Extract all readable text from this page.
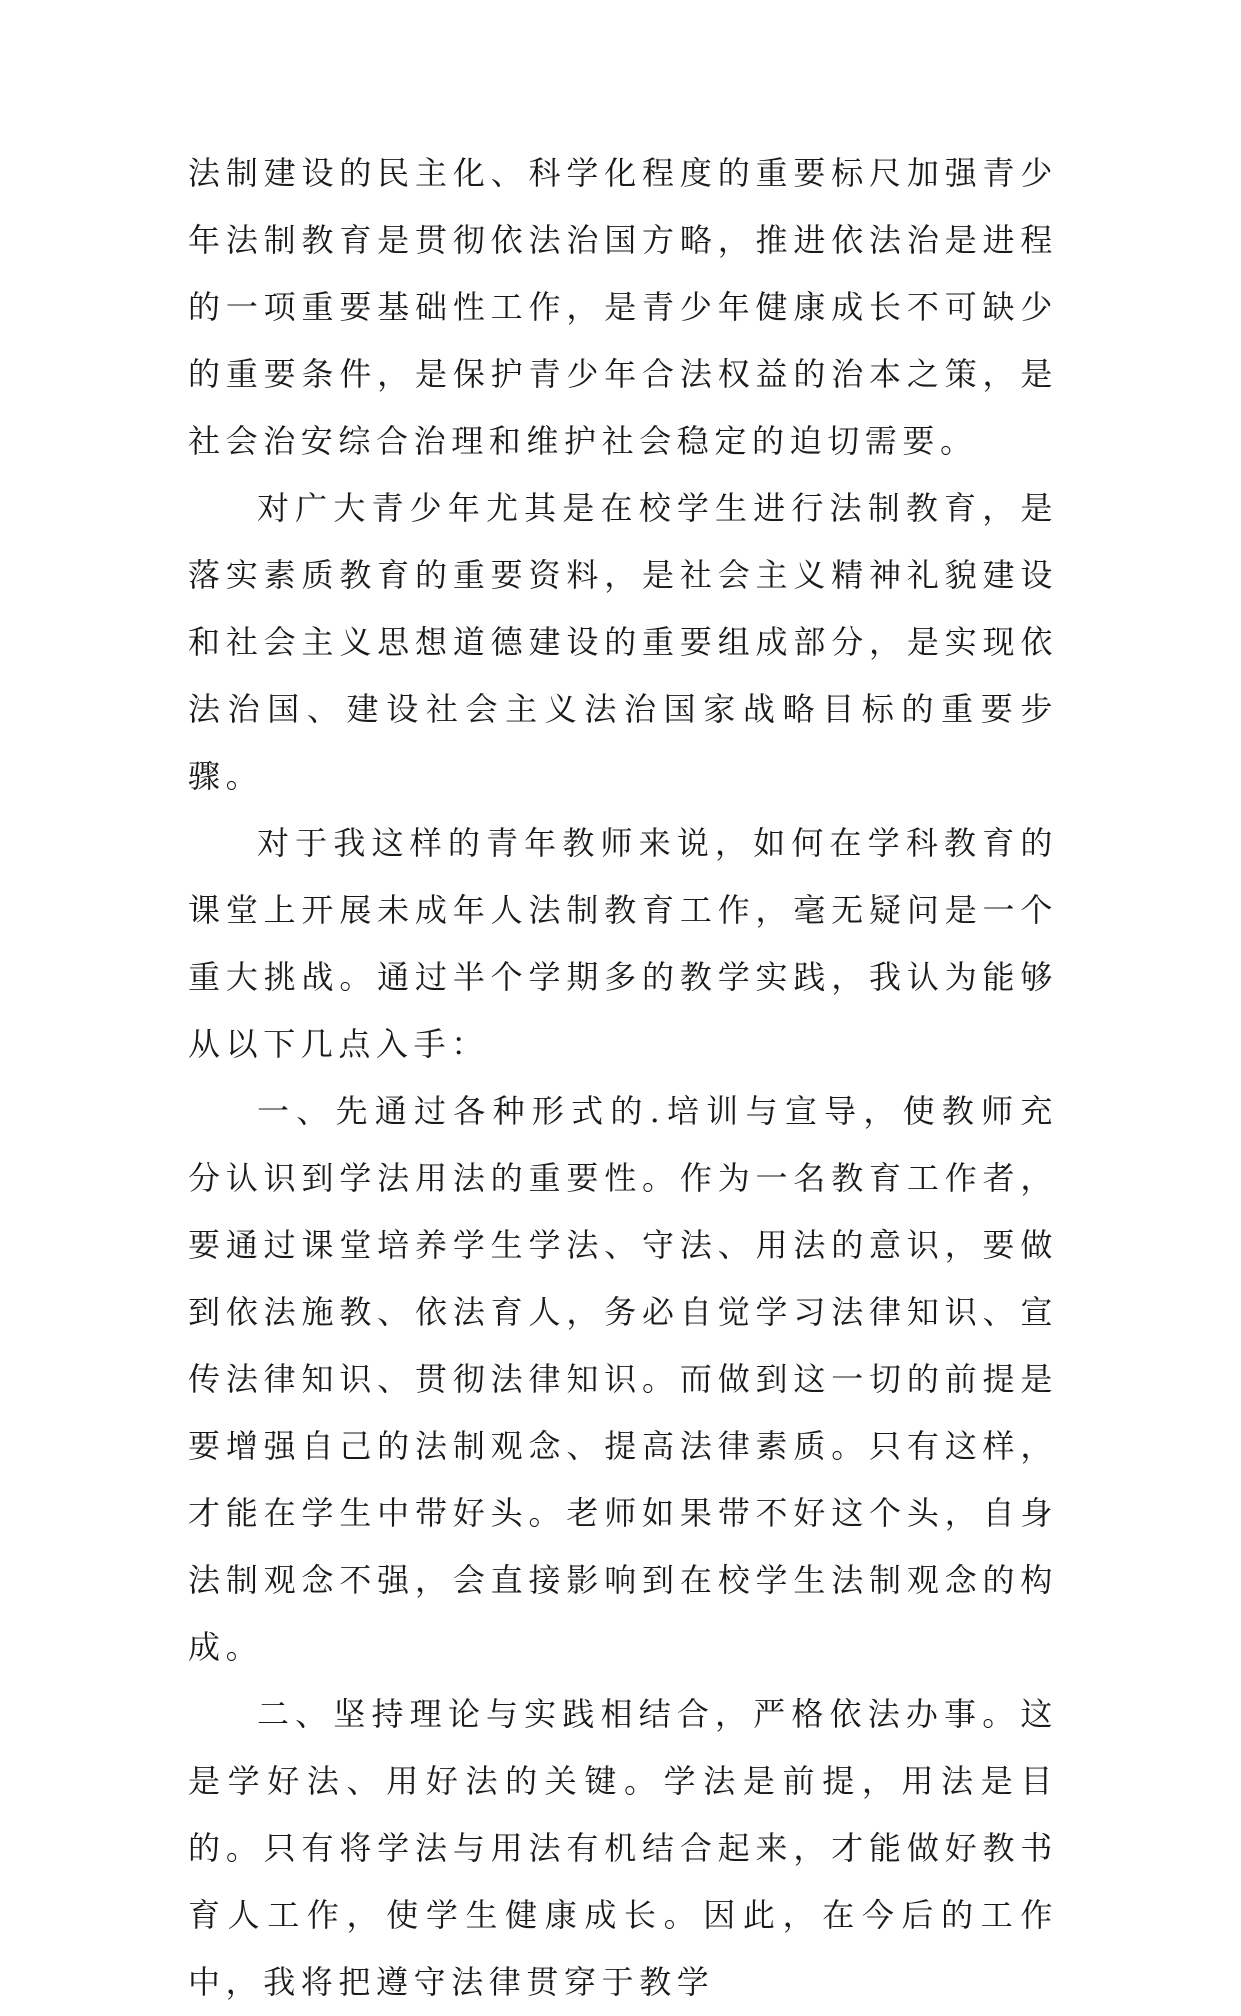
法制建设的民主化、科学化程度的重要标尺加强青少年法制教育是贯彻依法治国方略，推进依法治是进程的一项重要基础性工作，是青少年健康成长不可缺少的重要条件，是保护青少年合法权益的治本之策，是社会治安综合治理和维护社会稳定的迫切需要。

对广大青少年尤其是在校学生进行法制教育，是落实素质教育的重要资料，是社会主义精神礼貌建设和社会主义思想道德建设的重要组成部分，是实现依法治国、建设社会主义法治国家战略目标的重要步骤。

对于我这样的青年教师来说，如何在学科教育的课堂上开展未成年人法制教育工作，毫无疑问是一个重大挑战。通过半个学期多的教学实践，我认为能够从以下几点入手：

一、先通过各种形式的.培训与宣导，使教师充分认识到学法用法的重要性。作为一名教育工作者，要通过课堂培养学生学法、守法、用法的意识，要做到依法施教、依法育人，务必自觉学习法律知识、宣传法律知识、贯彻法律知识。而做到这一切的前提是要增强自己的法制观念、提高法律素质。只有这样，才能在学生中带好头。老师如果带不好这个头，自身法制观念不强，会直接影响到在校学生法制观念的构成。

二、坚持理论与实践相结合，严格依法办事。这是学好法、用好法的关键。学法是前提，用法是目的。只有将学法与用法有机结合起来，才能做好教书育人工作，使学生健康成长。因此，在今后的工作中，我将把遵守法律贯穿于教学
